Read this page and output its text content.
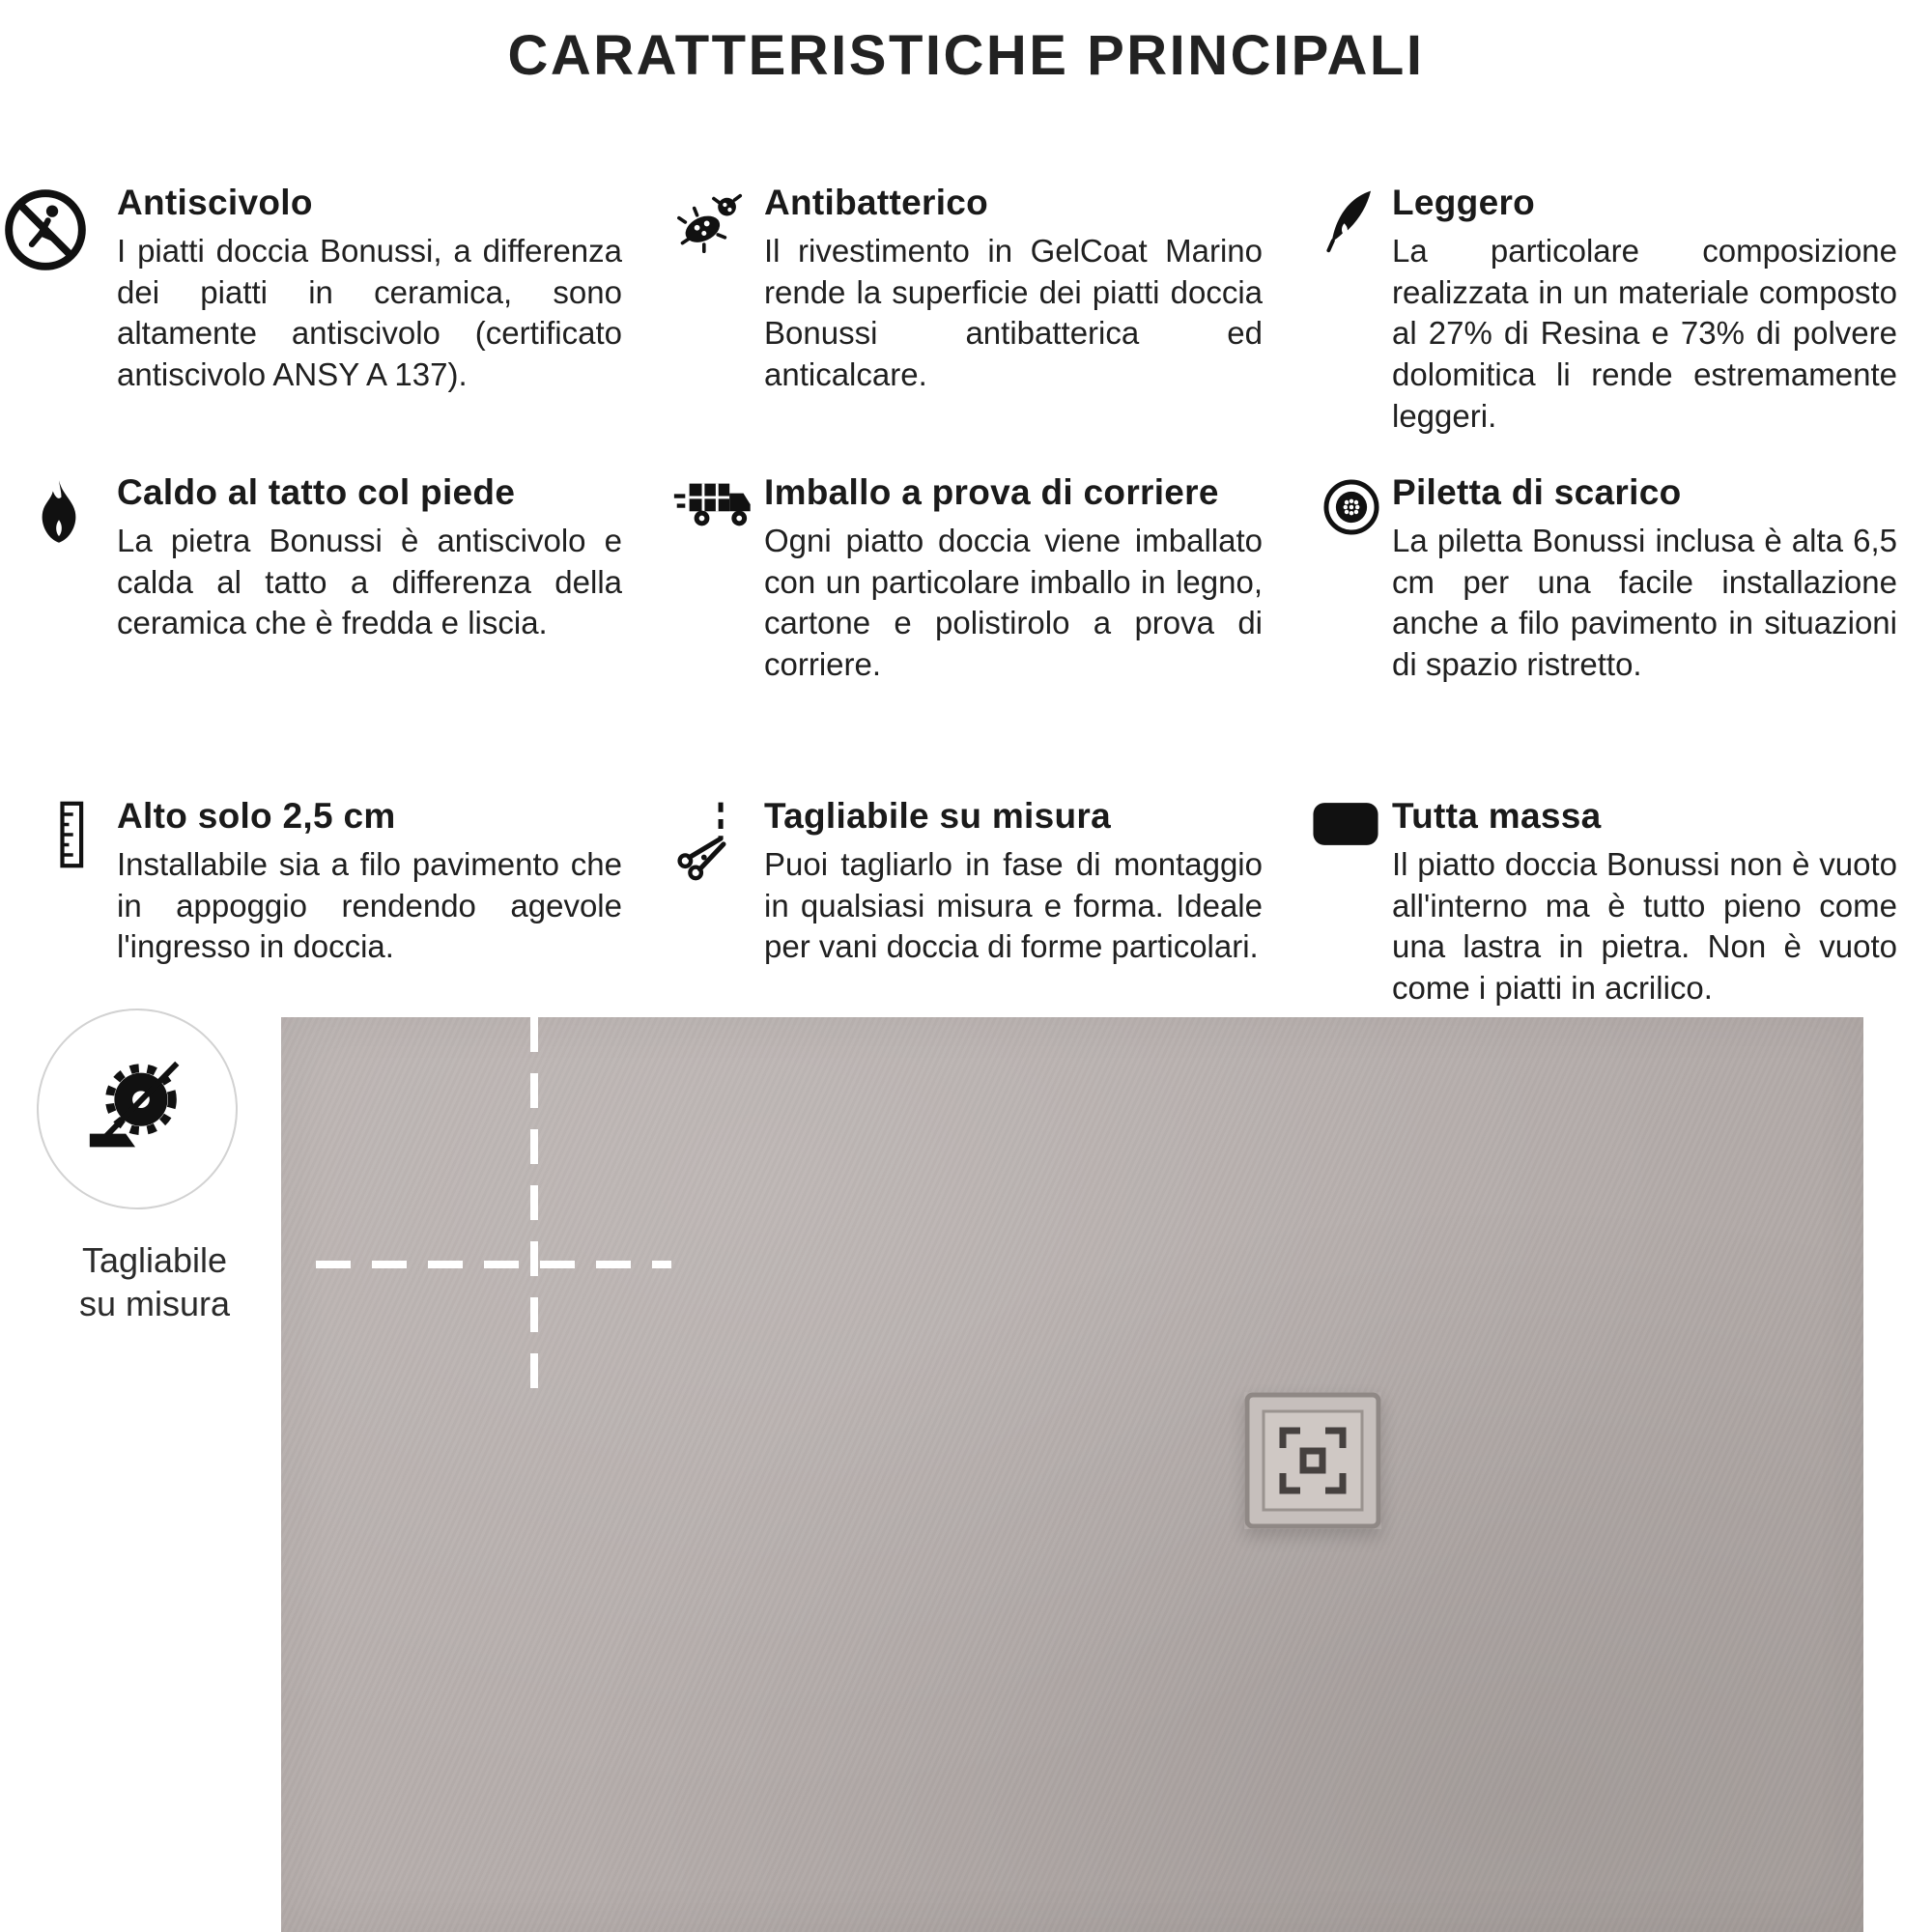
CARATTERISTICHE PRINCIPALI
Antiscivolo

I piatti doccia Bonussi, a differenza dei piatti in ceramica, sono altamente antiscivolo (certificato antiscivolo ANSY A 137).

Antibatterico

Il rivestimento in GelCoat Marino rende la superficie dei piatti doccia Bonussi antibatterica ed anticalcare.

Leggero

La particolare composizione realizzata in un materiale composto al 27% di Resina e 73% di polvere dolomitica li rende estremamente leggeri.

Caldo al tatto col piede

La pietra Bonussi è antiscivolo e calda al tatto a differenza della ceramica che è fredda e liscia.

Imballo a prova di corriere

Ogni piatto doccia viene imballato con un particolare imballo in legno, cartone e polistirolo a prova di corriere.

Piletta di scarico

La piletta Bonussi inclusa è alta 6,5 cm per una facile installazione anche a filo pavimento in situazioni di spazio ristretto.

Alto solo 2,5 cm

Installabile sia a filo pavimento che in appoggio rendendo agevole l'ingresso in doccia.

Tagliabile su misura

Puoi tagliarlo in fase di montaggio in qualsiasi misura e forma. Ideale per vani doccia di forme particolari.

Tutta massa

Il piatto doccia Bonussi non è vuoto all'interno ma è tutto pieno come una lastra in pietra. Non è vuoto come i piatti in acrilico.

Tagliabile
su misura
